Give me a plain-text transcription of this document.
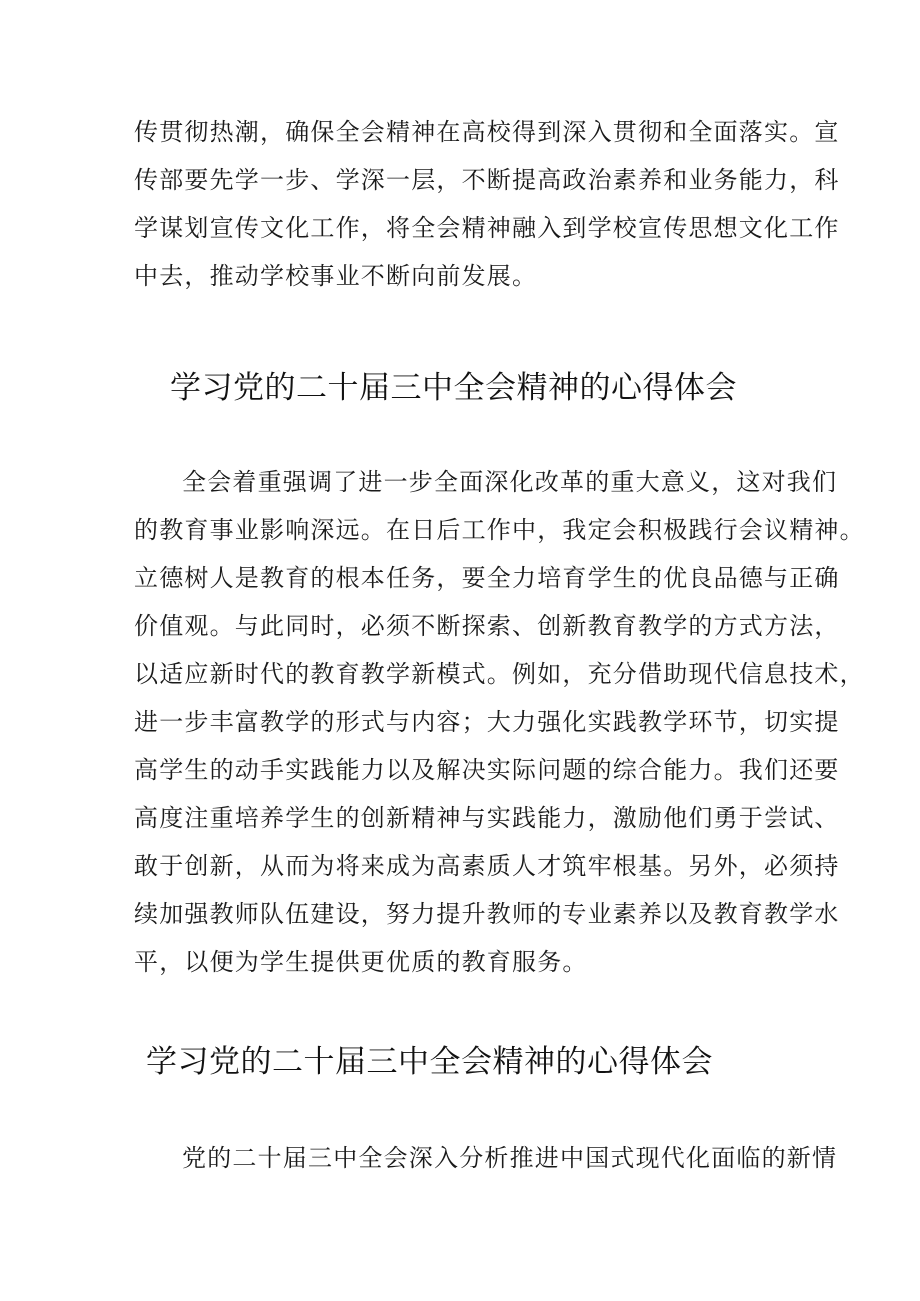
传贯彻热潮，确保全会精神在高校得到深入贯彻和全面落实。宣
传部要先学一步、学深一层，不断提高政治素养和业务能力，科
学谋划宣传文化工作，将全会精神融入到学校宣传思想文化工作
中去，推动学校事业不断向前发展。
学习党的二十届三中全会精神的心得体会
全会着重强调了进一步全面深化改革的重大意义，这对我们
的教育事业影响深远。在日后工作中，我定会积极践行会议精神。
立德树人是教育的根本任务，要全力培育学生的优良品德与正确
价值观。与此同时，必须不断探索、创新教育教学的方式方法，
以适应新时代的教育教学新模式。例如，充分借助现代信息技术，
进一步丰富教学的形式与内容；大力强化实践教学环节，切实提
高学生的动手实践能力以及解决实际问题的综合能力。我们还要
高度注重培养学生的创新精神与实践能力，激励他们勇于尝试、
敢于创新，从而为将来成为高素质人才筑牢根基。另外，必须持
续加强教师队伍建设，努力提升教师的专业素养以及教育教学水
平，以便为学生提供更优质的教育服务。
学习党的二十届三中全会精神的心得体会
党的二十届三中全会深入分析推进中国式现代化面临的新情
